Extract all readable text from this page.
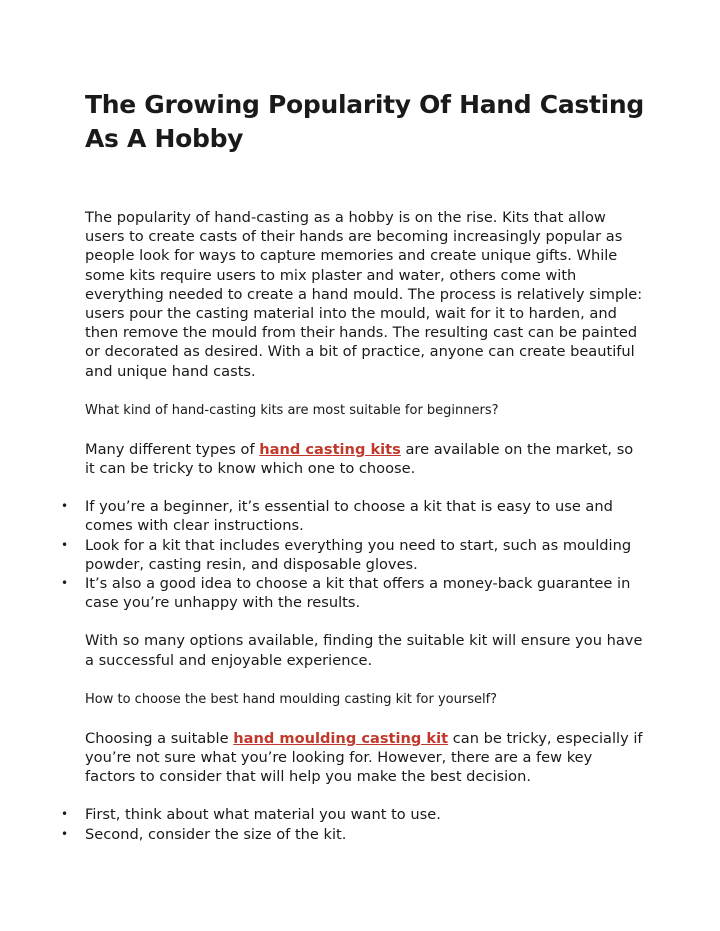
The Growing Popularity Of Hand Casting As A Hobby

The popularity of hand-casting as a hobby is on the rise. Kits that allow users to create casts of their hands are becoming increasingly popular as people look for ways to capture memories and create unique gifts. While some kits require users to mix plaster and water, others come with everything needed to create a hand mould. The process is relatively simple: users pour the casting material into the mould, wait for it to harden, and then remove the mould from their hands. The resulting cast can be painted or decorated as desired. With a bit of practice, anyone can create beautiful and unique hand casts.

What kind of hand-casting kits are most suitable for beginners?

Many different types of hand casting kits are available on the market, so it can be tricky to know which one to choose.

• If you’re a beginner, it’s essential to choose a kit that is easy to use and comes with clear instructions.
• Look for a kit that includes everything you need to start, such as moulding powder, casting resin, and disposable gloves.
• It’s also a good idea to choose a kit that offers a money-back guarantee in case you’re unhappy with the results.

With so many options available, finding the suitable kit will ensure you have a successful and enjoyable experience.

How to choose the best hand moulding casting kit for yourself?

Choosing a suitable hand moulding casting kit can be tricky, especially if you’re not sure what you’re looking for. However, there are a few key factors to consider that will help you make the best decision.

• First, think about what material you want to use.
• Second, consider the size of the kit.
